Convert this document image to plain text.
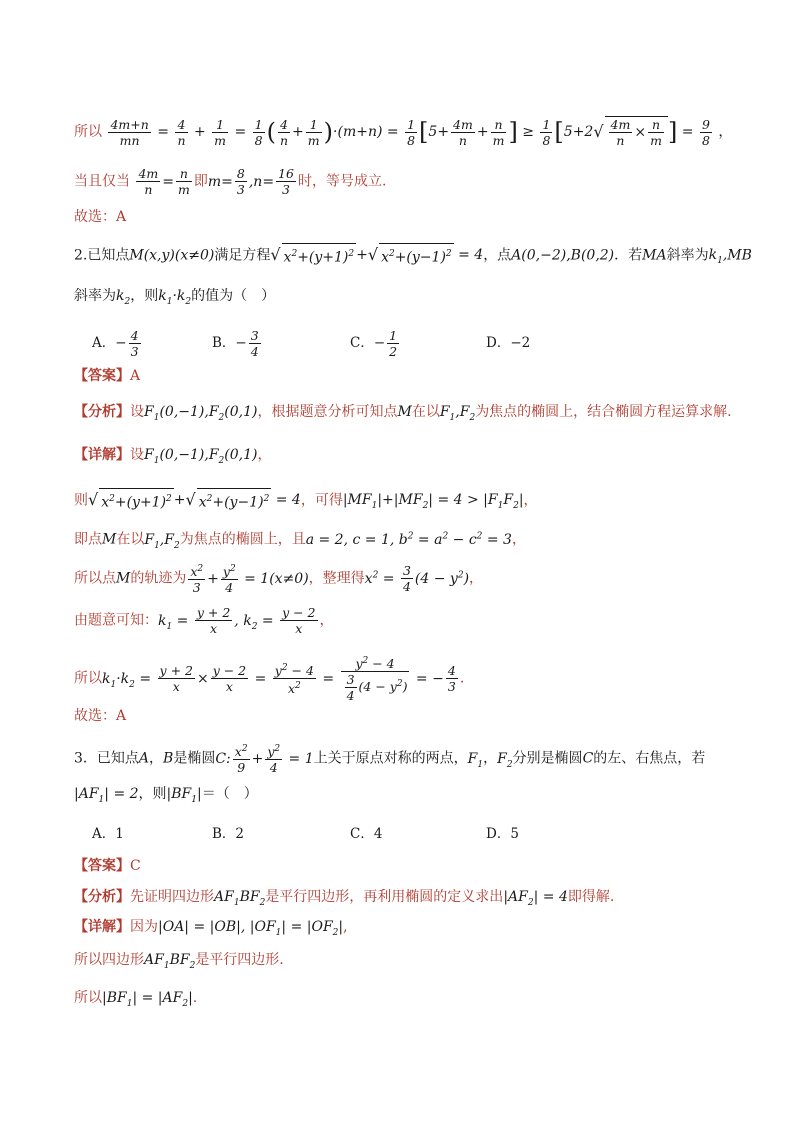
所以 $\frac{4m+n}{mn} = \frac{4}{n} + \frac{1}{m} = \frac{1}{8}$ ( $\frac{4}{n} + \frac{1}{m} )\cdot(m+n) = \frac{1}{8} [5+ \frac{4m}{n} + \frac{n}{m}$ ] ≥ $\frac{1}{8} [5+2√ \frac{4m}{n} \times \frac{n}{m}$ ] = $\frac{9}{8}$ ，
当且仅当 $\frac{4m}{n} = \frac{n}{m}$ 即$m= \frac{8}{3} ,n= \frac{16}{3}$ 时，等号成立.
故选：A
2.已知点M(x,y)(x≠0)满足方程√ $x^2+(y+1)^2$ +√ $x^2+(y-1)^2 = 4$，点A(0,−2),B(0,2)．若MA斜率为$k_1,MB$
斜率为$k_2$，则$k_1\cdot k_2$的值为（　）
A．− $\frac{4}{3}$	B．− $\frac{3}{4}$	C．− $\frac{1}{2}$	D．−2
【答案】A
【分析】设$F_1(0,-1),F_2(0,1)$，根据题意分析可知点M在以$F_1,F_2$为焦点的椭圆上，结合椭圆方程运算求解.
【详解】设$F_1(0,-1),F_2(0,1)$，
则√ $x^2+(y+1)^2$ +√ $x^2+(y-1)^2 = 4$，可得$|MF_1|+|MF_2| = 4 > |F_1F_2|$，
即点M在以$F_1,F_2$为焦点的椭圆上，且a = 2, c = 1, $b^2 = a^2 - c^2 = 3$，
所以点M的轨迹为 $\frac{x^2}{3} + \frac{y^2}{4} = 1(x\ne 0)$，整理得$x^2 = \frac{3}{4} (4 - y^2)$，
由题意可知：$k_1 = \frac{y + 2}{x}$ , $k_2 = \frac{y - 2}{x}$ ，
所以$k_1\cdot k_2 = \frac{y + 2}{x} \times \frac{y - 2}{x} = \frac{y^2 - 4}{x^2} = \frac{y^2 - 4}{\frac{3}{4} (4 - y^2)}$ = − $\frac{4}{3}$ .
故选：A
3．已知点A，B是椭圆C: $\frac{x^2}{9} + \frac{y^2}{4} = 1$上关于原点对称的两点，$F_1$，$F_2$分别是椭圆C的左、右焦点，若
$|AF_1| = 2$，则$|BF_1|=$（　）
A．1	B．2	C．4	D．5
【答案】C
【分析】先证明四边形$AF_1BF_2$是平行四边形，再利用椭圆的定义求出$|AF_2| = 4$即得解.
【详解】因为|OA| = |OB|, $|OF_1| = |OF_2|$,
所以四边形$AF_1BF_2$是平行四边形.
所以$|BF_1| = |AF_2|$.
